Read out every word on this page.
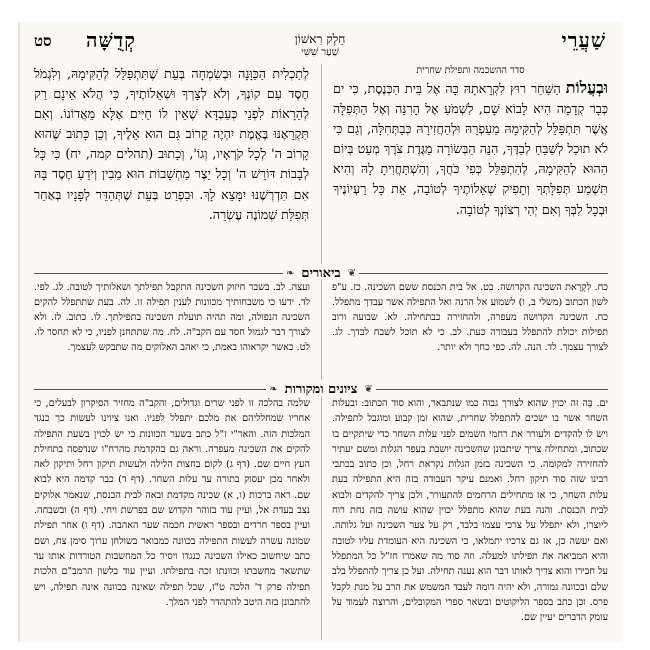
שַׁעֲרֵי
חֵלֶק רִאשׁוֹן
שַׁעַר שִׁשִּׁי
קְדֻשָּׁה
סט

סדר ההשכמה ותפילת שחרית
וּבְעֲלוֹת הַשַּׁחַר רוּץ לִקְרָאתָהּ כָּה אֶל בֵּית הַכְּנֶסֶת, כִּי ים כְּבָר קְדָמָה הִיא לָבוֹא שָׁם, לִשְׁמֹעַ אֶל הָרִנָּה וְאֶל הַתְּפִלָּה אֲשֶׁר תִּתְפַּלֵּל לְהַקִּימָהּ מֵעַפְרָהּ וּלְהַחֲזִירָהּ כְּבַתְּחִלָּה, וְגַם כִּי לֹא תוּכַל לְשַׁבֵּחַ לְבַדֶּךָ, הִנֵּה הַבְּשׂוֹרָה מַגֶּדֶת צֹרֶךְ מְעַט בְּיוֹם הַהוּא לְהַקִּימָהּ, לְהִתְפַּלֵּל כְּפִי כֹּחֲךָ, וְהִשְׁתַּחֲוִיתָ לָהּ וְהִיא תִּשְׁמַע תְּפִלָּתְךָ וְתָפִיק שְׁאֵלוֹתֶיךָ לְטוֹבָה, אֵת כָּל רַעְיוֹנֶיךָ וּבְכָל לִבְּךָ וְאִם יְהִי רְצוֹנְךָ לְטוֹבָה.

לְתַכְלִית הַכַּוָּנָה וּבְשִׂמְחָה בְּעֵת שֶׁתִּתְפַּלֵּל לְהַקִּימָהּ, וְלִגְמֹל חֶסֶד עִם קוֹנְךָ, וְלֹא לְצָרְךָ וּשְׁאֵלוֹתֶיךָ, כִּי הֲלֹא אֵינָם רַק לְהֵרָאוֹת לִפְנֵי כְּעַבְדָּא שֶׁאֵין לוֹ חַיִּים אֶלָּא מֵאֲדוֹנוֹ. וְאִם תִּקְרָאֶנּוּ בֶּאֱמֶת יִהְיֶה קָרוֹב גַּם הוּא אֵלֶיךָ, וְכֵן כָּתוּב שֶׁהוּא קָרוֹב ה' לְכָל קֹרְאָיו, וְגוֹ', וְכָתוּב (תהלים קמה, יח) כִּי כָּל לְבָבוֹת דּוֹרֵשׁ ה' וְכָל יֵצֶר מַחְשָׁבוֹת הוּא מֵבִין וְיֹדֵעַ חֶסֶד בָּהּ אִם תִּדְרְשֶׁנּוּ יִמָּצֵא לָךְ. וּבִפְרַט בְּעֵת שֶׁתְּהַדֵּר לְפָנָיו בְּאַחַר תְּפִלַּת שְׁמוֹנֶה עֶשְׂרֵה.

❦
ביאורים
❧

כח. לִקְרָאת השכינה הקדושה. כט. אל בית הכנסת ששם השכינה. כז. ע"פ לשון הכתוב (משלי ב, ו) לשמוע אל הרנה ואל התפילה אשר עבדך מתפלל. כח. השכינה הקדושה מעפרה, ולהחזירה כבתחילה. לא. שבועה ורוב תפילות יכולת להתפלל בעבורה כעת. לב. כי לא תוכל לשבח לבדך. לג. לצורך עצמך. לד. הנה. לה. כפי כחך ולא יותר.

ועצה. לב. בשבר חיזוק השכינה התקבל תפילתך ושאלותיך לטובה. לג. לפי. לד. ידעו כי משבחותיך מכוונות לענין תפילה זו. לה. בעת שתתפלל להקים השכינה הנפולה, ומה תהיה תועלת השכינה בתפילתך. לו. כתוב. לז. ולא לצורך דבר לגמול חסד עם הקב"ה. לח. מה שתתחנן לפניו, כי לא תחסר לו. לט. כאשר יקראוהו באמת, כי יאהב האלוקים מה שתבקש לעצמך.

❦
ציונים ומקורות
❧

ים. בֵּה זה יכוין שהוא לצורך גבוה כמו שנתבאר, והוא סוד הכתוב: ובעלות השחר אשר בו ישכים להתפלל שחרית, שהוא זמן קבוע ומוגבל לתפילה. ויש לו להקדים ולעורר את רחמי השמים לפני עלות השחר כדי שיתקיים בו שכתוב, ומתחילה צריך שיתבונן שהשכינה יושבת בעפר הגלות ומשם יעתיר להחזירה למקומה. כי השכינה בזמן הגלות נקראת רחל, וכן כתוב בכתבי רבינו שזה סוד תיקון רחל. ואמנם עיקר העבודה בזה היא התפילה בעת עלות השחר, כי אז מתחילים הרחמים להתעורר, ולכן צריך להקדים ולבוא לבית הכנסת. והנה בעת שהוא מתפלל יכוין שהוא עושה בזה נחת רוח ליוצרו, ולא יתפלל על צרכי עצמו בלבד, רק על צער השכינה ועל גלותה. ואם יעשה כן, אז גם צרכיו יתמלאו, כי השכינה היא העומדת עליו לטובה והיא המביאה את תפילתו למעלה. וזה סוד מה שאמרו חז"ל כל המתפלל על חבירו והוא צריך לאותו דבר הוא נענה תחילה. ועל כן צריך להתפלל בלב שלם ובכוונה גמורה, ולא יהיה דומה לעבד המשמש את הרב על מנת לקבל פרס. וכן כתב בספר הליקוטים ובשאר ספרי המקובלים, והרוצה לעמוד על עומק הדברים יעיין שם.

שלמה בהלכה זו לפני שרים וגדולים, והקב"ה מחזיר הסיקרון לבעלים, כי אחריו שמחלליהם את מלכם יתפלל לפניו. ואנו ציוינו לעשות כך כנגד המלכות הזה. והאר"י ז"ל כתב בשער הכוונות כי יש לכוין בשעת התפילה להקים את השכינה מעפרה. וראה גם בהקדמת מהרח"ו שנדפסה בתחילת העץ חיים שם. (דף ג) לקום בחצות הלילה ולעשות תיקון רחל ותיקון לאה ולאחר מכן יעסוק בתורה עד עלות השחר. (דף ד) כבר קדמה היא לבוא שם. ראה ברכות (ו, א) שכינה מקדמת ובאה לבית הכנסת, שנאמר אלוקים נצב בעדת אל, ועיין עוד בזוהר הקדוש שם בפרשת ויחי. (דף ה) ובשבחה. ועיין בספר חרדים ובספר ראשית חכמה שער האהבה. (דף ו) אחר תפילת שמונה עשרה לעשות התפילה בכוונה כמבואר בשולחן ערוך סימן צח, ושם כתב שיחשוב כאילו השכינה כנגדו ויסיר כל המחשבות הטורדות אותו עד שתשאר מחשבתו וכוונתו זכה בתפילתו. ועיין עוד בלשון הרמב"ם הלכות תפילה פרק ד' הלכה ט"ז, שכל תפילה שאינה בכוונה אינה תפילה, ויש להתבונן בזה היטב להתהדר לפני המלך.
